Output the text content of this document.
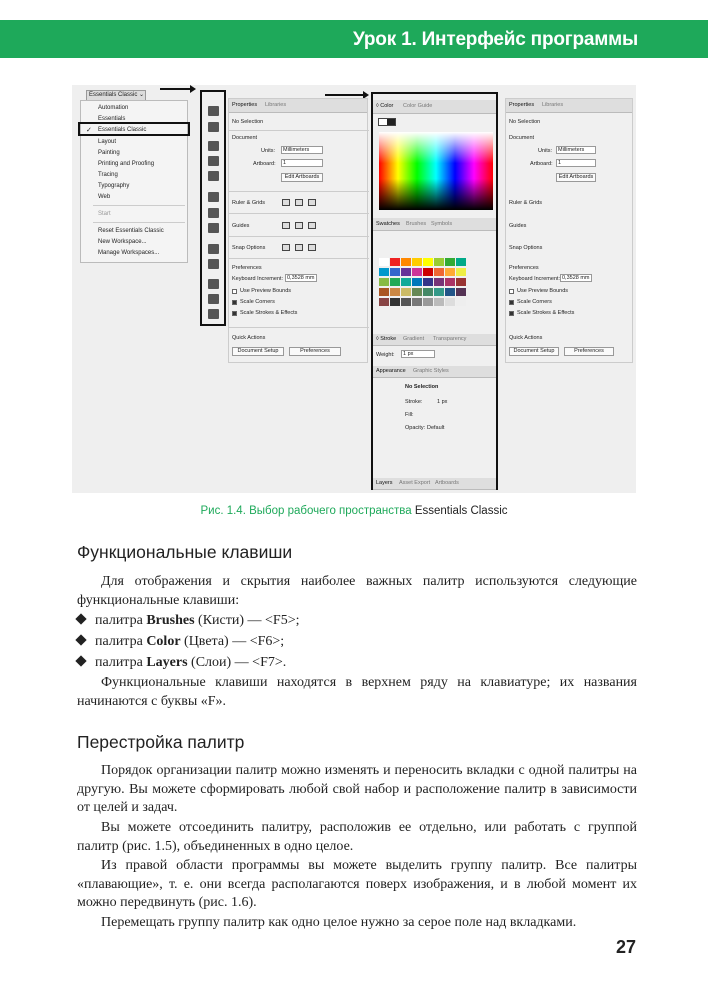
Урок 1. Интерфейс программы
Essentials Classic ⌄
Automation
Essentials
✓ Essentials Classic
Layout
Painting
Printing and Proofing
Tracing
Typography
Web
Start
Reset Essentials Classic
New Workspace...
Manage Workspaces...
Properties Libraries
No Selection
Document
Units:	Millimeters
Artboard:	1
Edit Artboards
Ruler & Grids
Guides
Snap Options
Preferences
Keyboard Increment: 0,3528 mm
Use Preview Bounds
Scale Corners
Scale Strokes & Effects
Quick Actions
Document Setup	Preferences
◊ Color Color Guide
Swatches Brushes Symbols
◊ Stroke Gradient Transparency
Weight:	1 px
Appearance Graphic Styles
No Selection
Stroke:	1 px
Fill:
Opacity: Default
Layers Asset Export Artboards
Properties Libraries
No Selection
Document
Units:	Millimeters
Artboard: 1
Edit Artboards
Ruler & Grids
Guides
Snap Options
Preferences
Keyboard Increment: 0,3528 mm
Use Preview Bounds
Scale Corners
Scale Strokes & Effects
Quick Actions
Document Setup	Preferences
Рис. 1.4. Выбор рабочего пространства Essentials Classic
Функциональные клавиши
Для отображения и скрытия наиболее важных палитр используются следующие функциональные клавиши:
палитра Brushes (Кисти) — <F5>;
палитра Color (Цвета) — <F6>;
палитра Layers (Слои) — <F7>.
Функциональные клавиши находятся в верхнем ряду на клавиатуре; их названия начинаются с буквы «F».
Перестройка палитр
Порядок организации палитр можно изменять и переносить вкладки с одной палитры на другую. Вы можете сформировать любой свой набор и расположение палитр в зависимости от целей и задач.
Вы можете отсоединить палитру, расположив ее отдельно, или работать с группой палитр (рис. 1.5), объединенных в одно целое.
Из правой области программы вы можете выделить группу палитр. Все палитры «плавающие», т. е. они всегда располагаются поверх изображения, и в любой момент их можно передвинуть (рис. 1.6).
Перемещать группу палитр как одно целое нужно за серое поле над вкладками.
27
